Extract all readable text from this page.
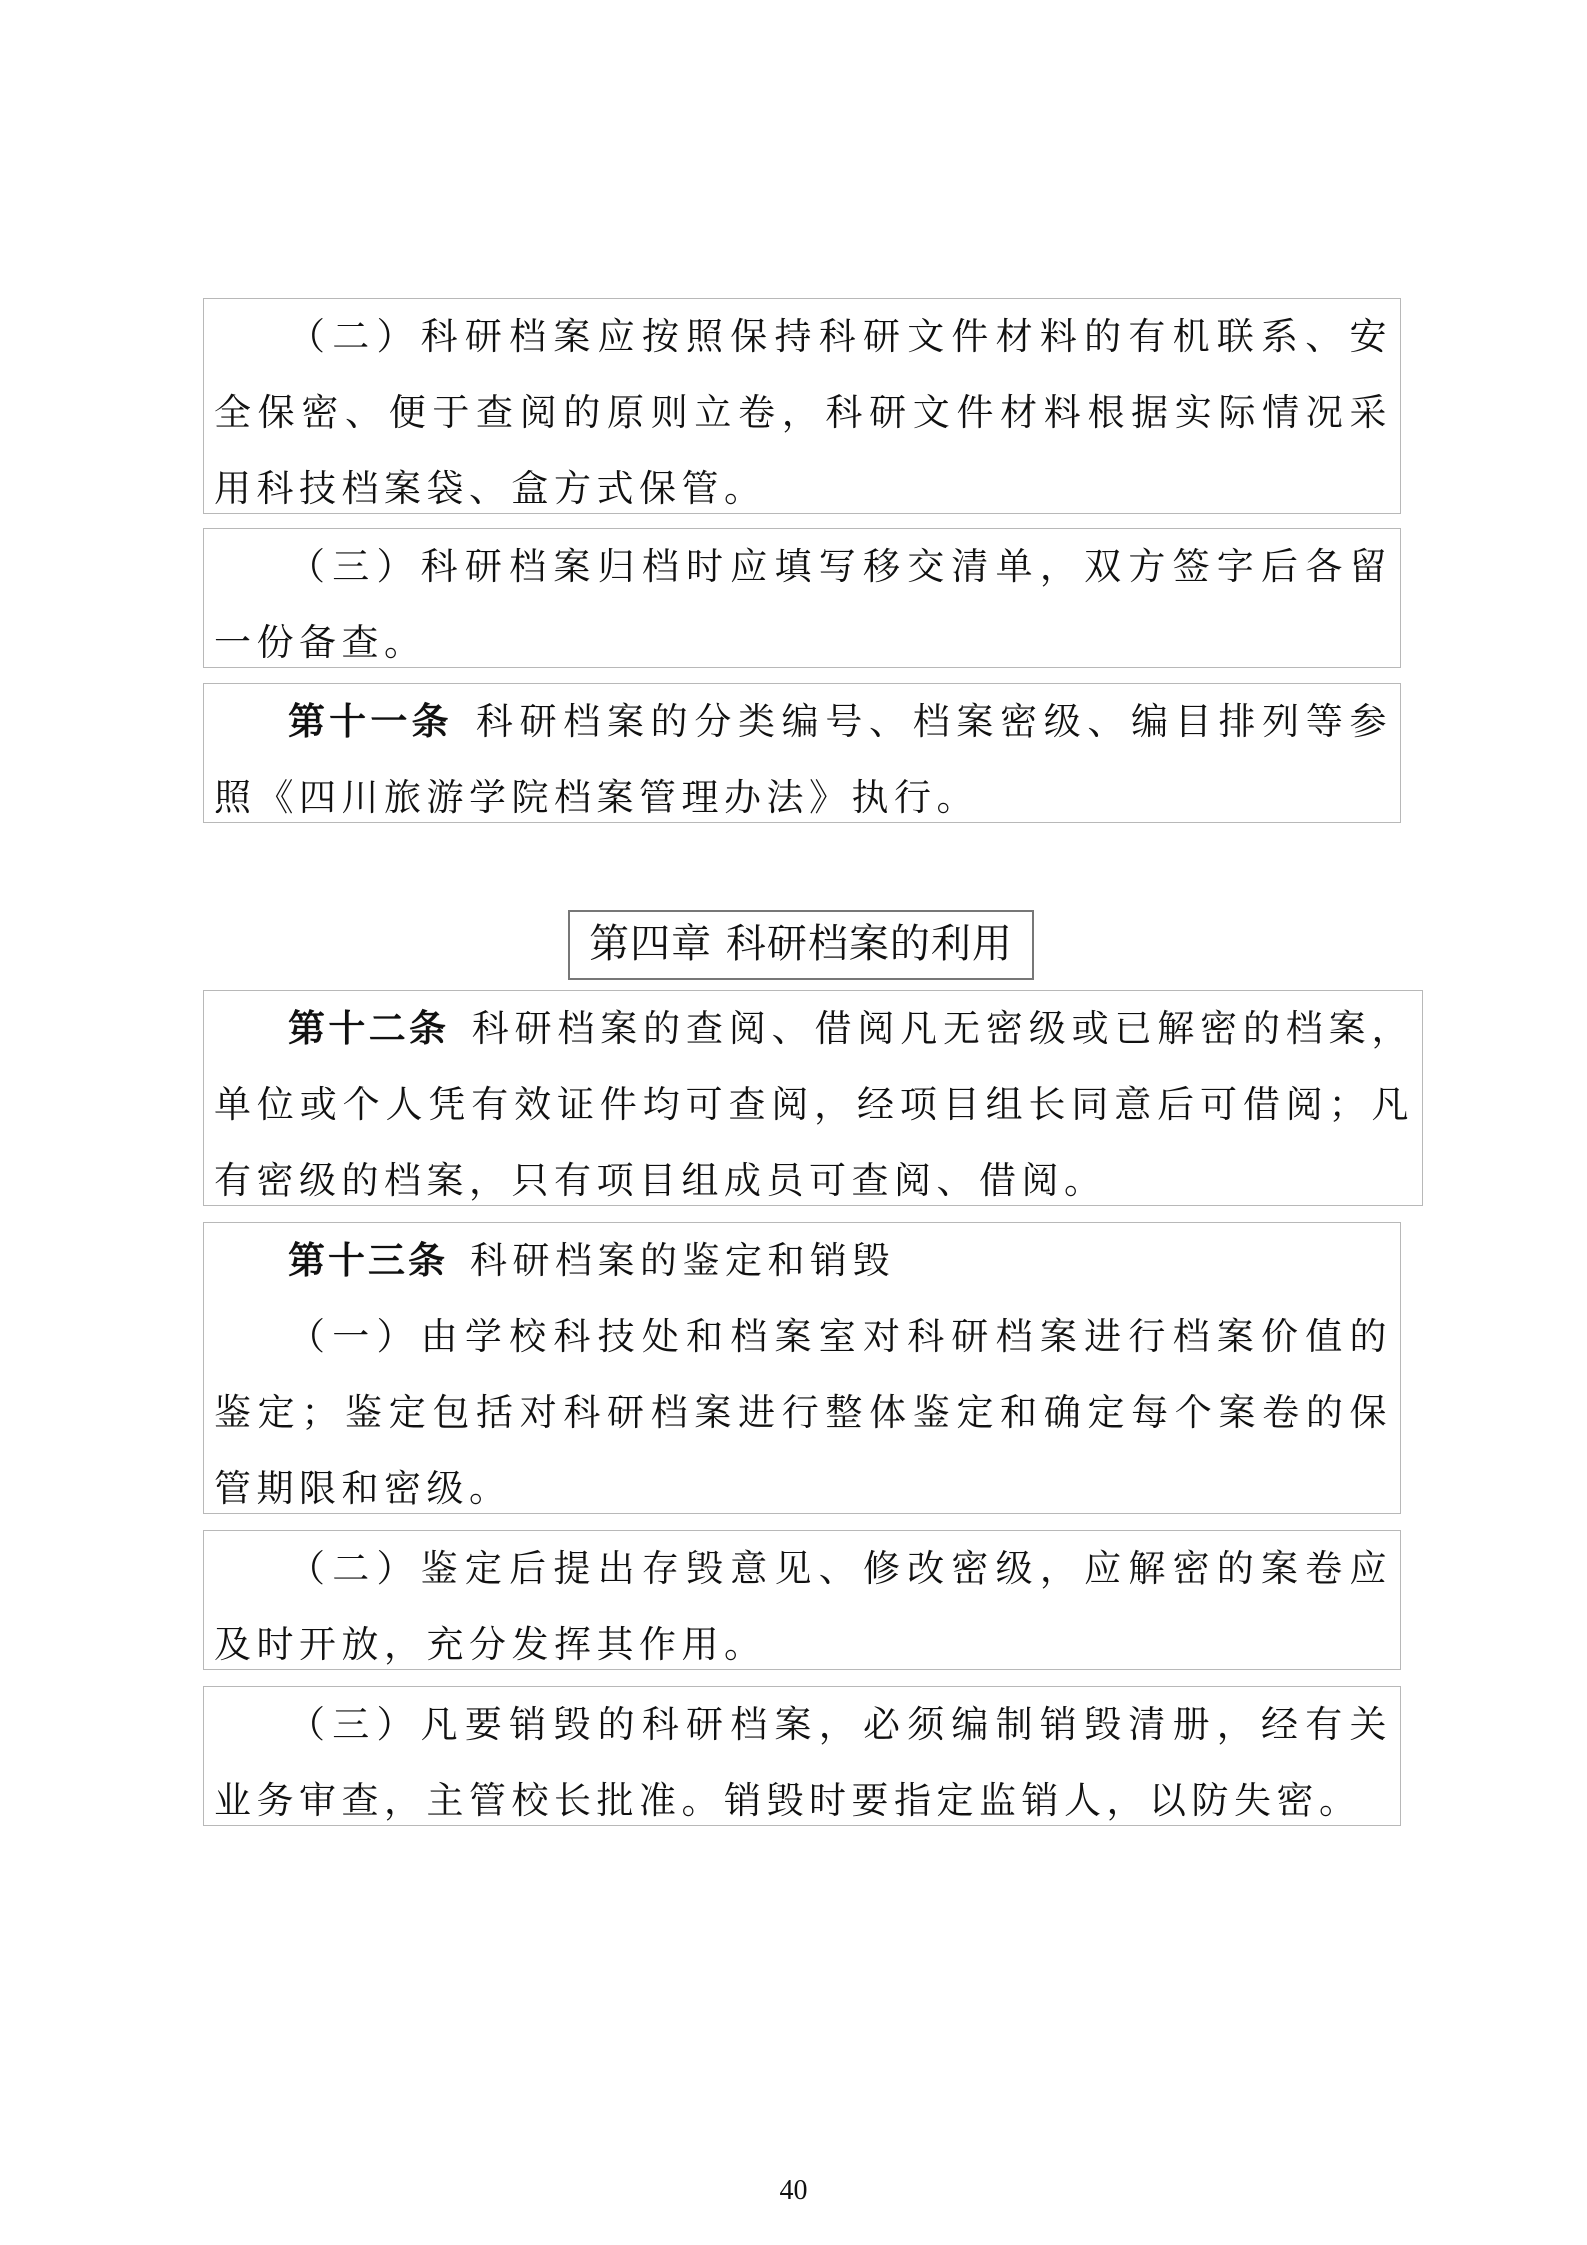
（二）科研档案应按照保持科研文件材料的有机联系、安全保密、便于查阅的原则立卷，科研文件材料根据实际情况采用科技档案袋、盒方式保管。

（三）科研档案归档时应填写移交清单，双方签字后各留一份备查。

第十一条 科研档案的分类编号、档案密级、编目排列等参照《四川旅游学院档案管理办法》执行。

第四章 科研档案的利用

第十二条 科研档案的查阅、借阅凡无密级或已解密的档案，单位或个人凭有效证件均可查阅，经项目组长同意后可借阅；凡有密级的档案，只有项目组成员可查阅、借阅。

第十三条 科研档案的鉴定和销毁

（一）由学校科技处和档案室对科研档案进行档案价值的鉴定；鉴定包括对科研档案进行整体鉴定和确定每个案卷的保管期限和密级。

（二）鉴定后提出存毁意见、修改密级，应解密的案卷应及时开放，充分发挥其作用。

（三）凡要销毁的科研档案，必须编制销毁清册，经有关业务审查，主管校长批准。销毁时要指定监销人，以防失密。

40
